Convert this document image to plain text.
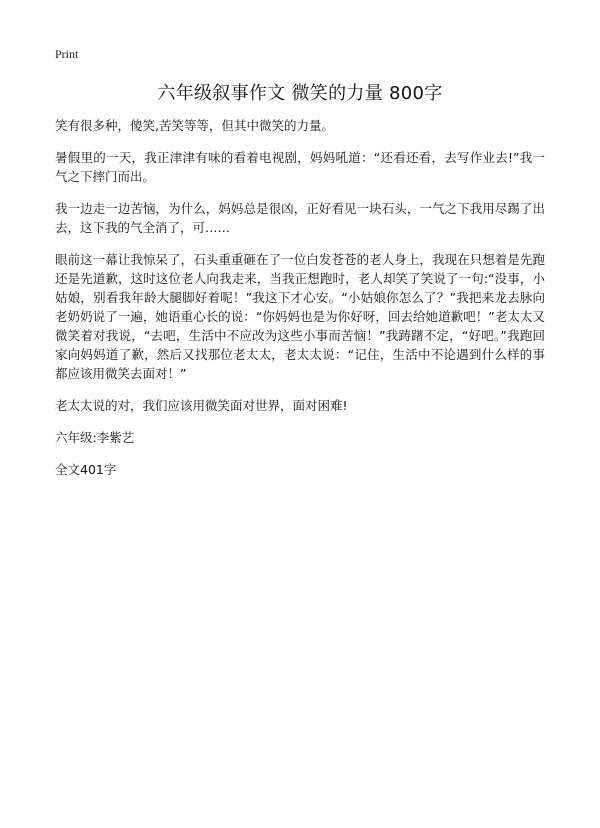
Print
六年级叙事作文 微笑的力量 800字

笑有很多种，傻笑,苦笑等等，但其中微笑的力量。

暑假里的一天，我正津津有味的看着电视剧，妈妈吼道：“还看还看，去写作业去!”我一气之下摔门而出。

我一边走一边苦恼，为什么，妈妈总是很凶，正好看见一块石头，一气之下我用尽踢了出去，这下我的气全消了，可……

眼前这一幕让我惊呆了，石头重重砸在了一位白发苍苍的老人身上，我现在只想着是先跑还是先道歉，这时这位老人向我走来，当我正想跑时，老人却笑了笑说了一句:“没事，小姑娘，别看我年龄大腿脚好着呢！”我这下才心安。“小姑娘你怎么了？”我把来龙去脉向老奶奶说了一遍，她语重心长的说：“你妈妈也是为你好呀，回去给她道歉吧！”老太太又微笑着对我说，“去吧，生活中不应改为这些小事而苦恼！”我踌躇不定，“好吧。”我跑回家向妈妈道了歉，然后又找那位老太太，老太太说：“记住，生活中不论遇到什么样的事都应该用微笑去面对！”

老太太说的对，我们应该用微笑面对世界，面对困难!

六年级:李紫艺

全文401字
